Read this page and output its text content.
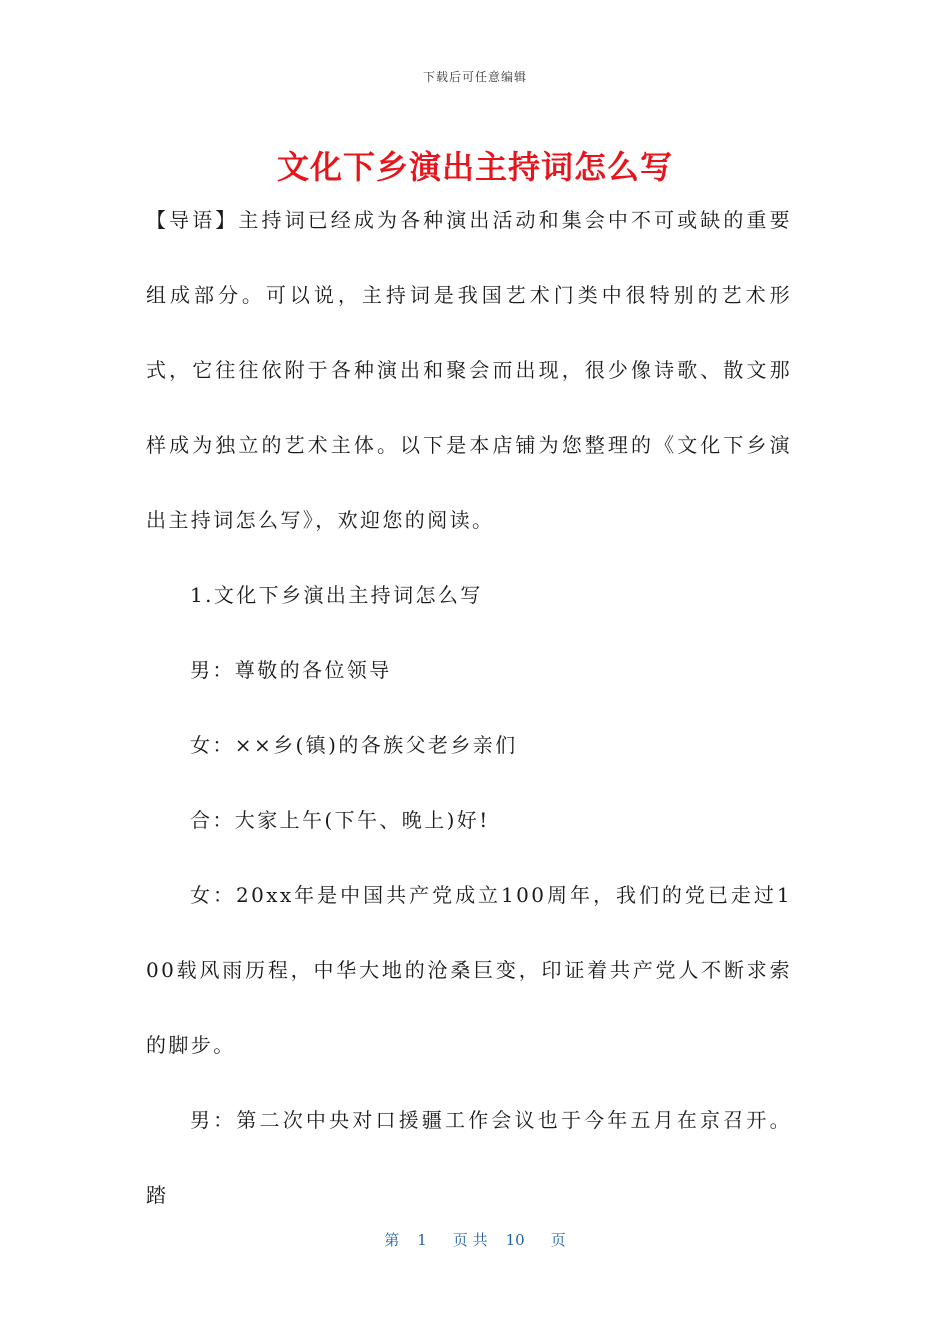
下载后可任意编辑
文化下乡演出主持词怎么写

【导语】主持词已经成为各种演出活动和集会中不可或缺的重要组成部分。可以说，主持词是我国艺术门类中很特别的艺术形式，它往往依附于各种演出和聚会而出现，很少像诗歌、散文那样成为独立的艺术主体。以下是本店铺为您整理的《文化下乡演出主持词怎么写》，欢迎您的阅读。

1.文化下乡演出主持词怎么写

男：尊敬的各位领导

女：××乡(镇)的各族父老乡亲们

合：大家上午(下午、晚上)好!

女：20xx年是中国共产党成立100周年，我们的党已走过100载风雨历程，中华大地的沧桑巨变，印证着共产党人不断求索的脚步。

男：第二次中央对口援疆工作会议也于今年五月在京召开。踏

第 1 页 共 10 页
